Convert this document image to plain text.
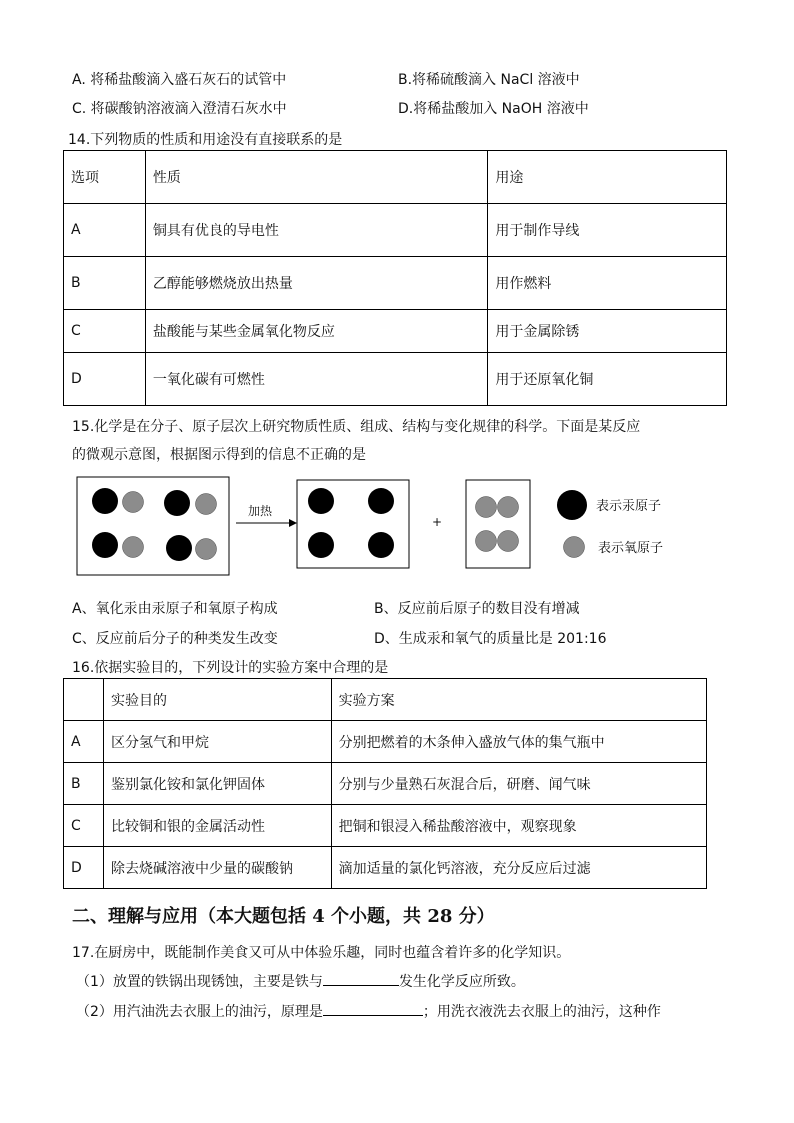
A. 将稀盐酸滴入盛石灰石的试管中	B.将稀硫酸滴入 NaCl 溶液中
C. 将碳酸钠溶液滴入澄清石灰水中	D.将稀盐酸加入 NaOH 溶液中
14.下列物质的性质和用途没有直接联系的是
选项	性质	用途
A	铜具有优良的导电性	用于制作导线
B	乙醇能够燃烧放出热量	用作燃料
C	盐酸能与某些金属氧化物反应	用于金属除锈
D	一氧化碳有可燃性	用于还原氧化铜
15.化学是在分子、原子层次上研究物质性质、组成、结构与变化规律的科学。下面是某反应
的微观示意图，根据图示得到的信息不正确的是
加热
+
表示汞原子
表示氧原子
A、氧化汞由汞原子和氧原子构成	B、反应前后原子的数目没有增减
C、反应前后分子的种类发生改变	D、生成汞和氧气的质量比是 201:16
16.依据实验目的，下列设计的实验方案中合理的是
	实验目的	实验方案
A	区分氢气和甲烷	分别把燃着的木条伸入盛放气体的集气瓶中
B	鉴别氯化铵和氯化钾固体	分别与少量熟石灰混合后，研磨、闻气味
C	比较铜和银的金属活动性	把铜和银浸入稀盐酸溶液中，观察现象
D	除去烧碱溶液中少量的碳酸钠	滴加适量的氯化钙溶液，充分反应后过滤
二、理解与应用（本大题包括 4 个小题，共 28 分）
17.在厨房中，既能制作美食又可从中体验乐趣，同时也蕴含着许多的化学知识。
（1）放置的铁锅出现锈蚀，主要是铁与	发生化学反应所致。
（2）用汽油洗去衣服上的油污，原理是	；用洗衣液洗去衣服上的油污，这种作
